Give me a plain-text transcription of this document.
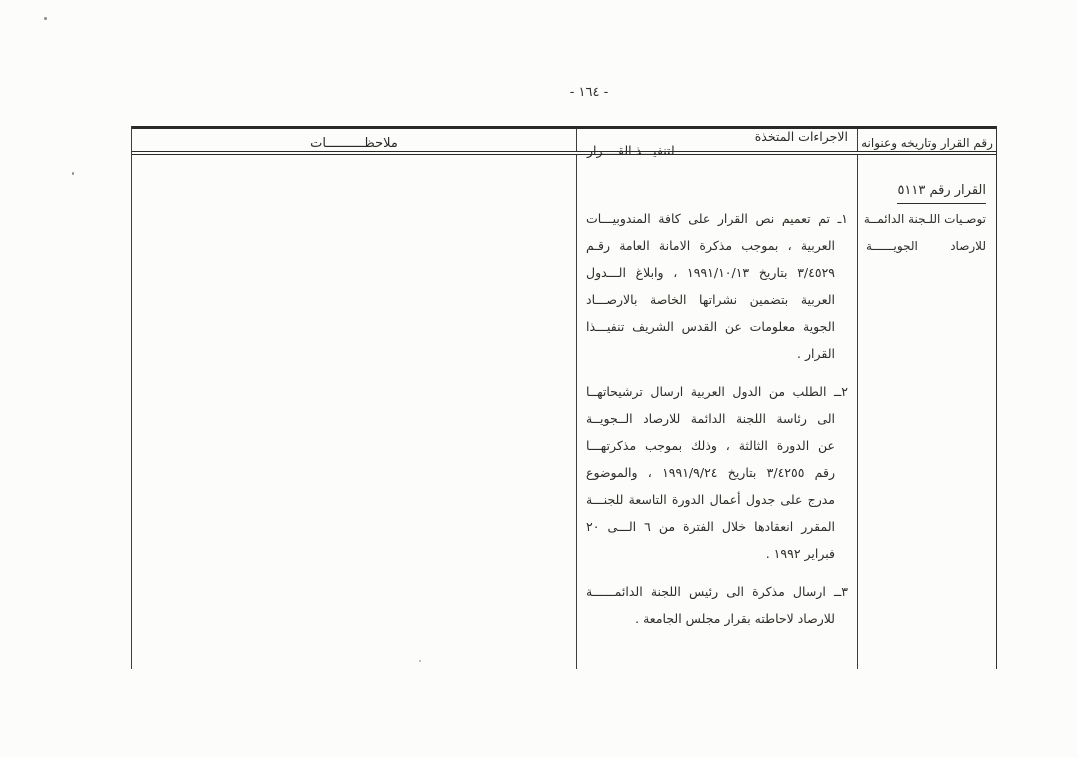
- ١٦٤ -
رقم القرار وتاريخه وعنوانه
الاجراءات المتخذة
لتنفيـــذ القــــرار
ملاحظــــــــــات
القرار رقم ٥١١٣
توصـيات اللـجنة الدائمــة
للارصاد الجويــــــة
١ـ تم تعميم نص القرار على كافة المندوبيـــات
العربية ، بموجب مذكرة الامانة العامة رقـم
٣/٤٥٢٩ بتاريخ ١٩٩١/١٠/١٣ ، وابلاغ الـــدول
العربية بتضمين نشراتها الخاصة بالارصـــاد
الجوية معلومات عن القدس الشريف تنفيـــذا
القرار .
٢ــ الطلب من الدول العربية ارسال ترشيحاتهــا
الى رئاسة اللجنة الدائمة للارصاد الــجويــة
عن الدورة الثالثة ، وذلك بموجب مذكرتهـــا
رقم ٣/٤٢٥٥ بتاريخ ١٩٩١/٩/٢٤ ، والموضوع
مدرج على جدول أعمال الدورة التاسعة للجنـــة
المقرر انعقادها خلال الفترة من ٦ الـــى ٢٠
فبراير ١٩٩٢ .
٣ــ ارسال مذكرة الى رئيس اللجنة الدائمــــــة
للارصاد لاحاطته بقرار مجلس الجامعة .
